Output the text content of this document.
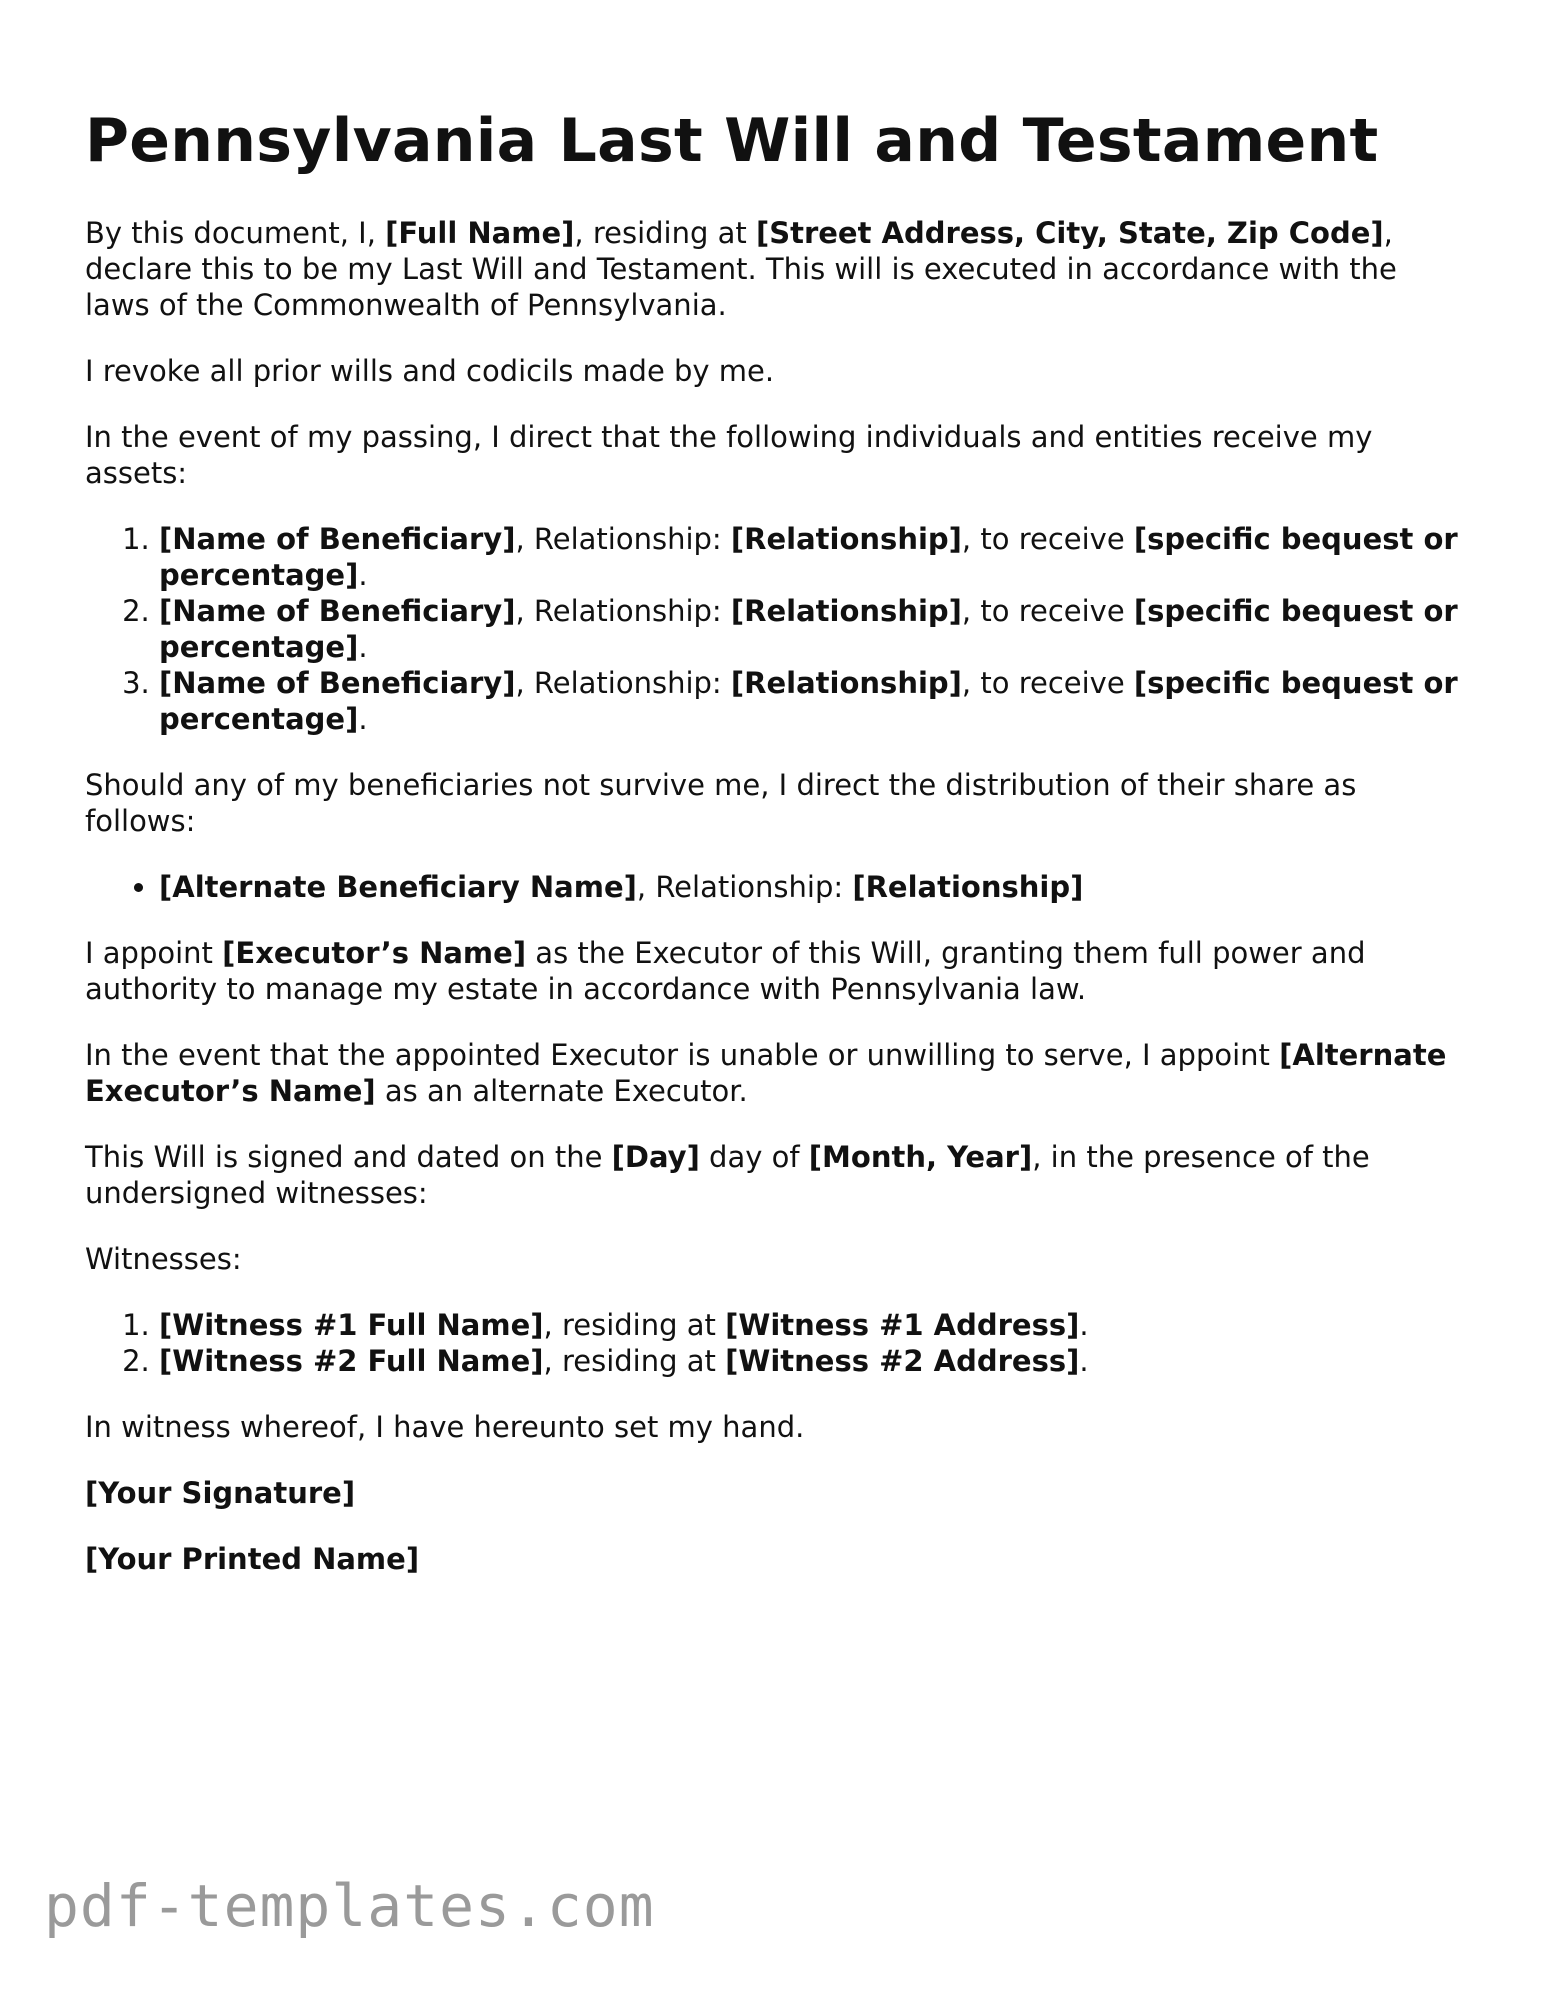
Pennsylvania Last Will and Testament

By this document, I, [Full Name], residing at [Street Address, City, State, Zip Code], declare this to be my Last Will and Testament. This will is executed in accordance with the laws of the Commonwealth of Pennsylvania.

I revoke all prior wills and codicils made by me.

In the event of my passing, I direct that the following individuals and entities receive my assets:

1. [Name of Beneficiary], Relationship: [Relationship], to receive [specific bequest or percentage].
2. [Name of Beneficiary], Relationship: [Relationship], to receive [specific bequest or percentage].
3. [Name of Beneficiary], Relationship: [Relationship], to receive [specific bequest or percentage].

Should any of my beneficiaries not survive me, I direct the distribution of their share as follows:

• [Alternate Beneficiary Name], Relationship: [Relationship]

I appoint [Executor’s Name] as the Executor of this Will, granting them full power and authority to manage my estate in accordance with Pennsylvania law.

In the event that the appointed Executor is unable or unwilling to serve, I appoint [Alternate Executor’s Name] as an alternate Executor.

This Will is signed and dated on the [Day] day of [Month, Year], in the presence of the undersigned witnesses:

Witnesses:

1. [Witness #1 Full Name], residing at [Witness #1 Address].
2. [Witness #2 Full Name], residing at [Witness #2 Address].

In witness whereof, I have hereunto set my hand.

[Your Signature]

[Your Printed Name]

pdf-templates.com
